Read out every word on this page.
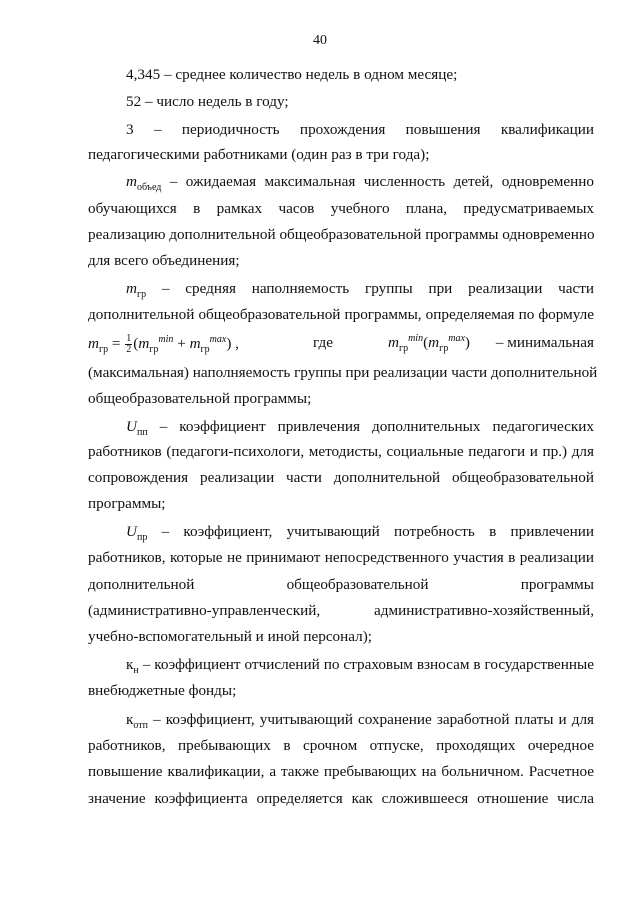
40
4,345 – среднее количество недель в одном месяце;
52 – число недель в году;
3 – периодичность прохождения повышения квалификации
педагогическими работниками (один раз в три года);
$m_{объед}$ – ожидаемая максимальная численность детей, одновременно
обучающихся в рамках часов учебного плана, предусматриваемых
реализацию дополнительной общеобразовательной программы одновременно
для всего объединения;
$m_{гр}$ – средняя наполняемость группы при реализации части
дополнительной общеобразовательной программы, определяемая по формуле
$m_{гр} = \frac{1}{2} (m_{гр}^{min} + m_{гр}^{max})$ ,	где	$m_{гр}^{min}(m_{гр}^{max})$ – минимальная
(максимальная) наполняемость группы при реализации части дополнительной
общеобразовательной программы;
$U_{пп}$ – коэффициент привлечения дополнительных педагогических
работников (педагоги-психологи, методисты, социальные педагоги и пр.) для
сопровождения реализации части дополнительной общеобразовательной
программы;
$U_{пр}$ – коэффициент, учитывающий потребность в привлечении
работников, которые не принимают непосредственного участия в реализации
дополнительной общеобразовательной программы
(административно-управленческий, административно-хозяйственный,
учебно-вспомогательный и иной персонал);
$к_н$ – коэффициент отчислений по страховым взносам в государственные
внебюджетные фонды;
$к_{отп}$ – коэффициент, учитывающий сохранение заработной платы и для
работников, пребывающих в срочном отпуске, проходящих очередное
повышение квалификации, а также пребывающих на больничном. Расчетное
значение коэффициента определяется как сложившееся отношение числа
